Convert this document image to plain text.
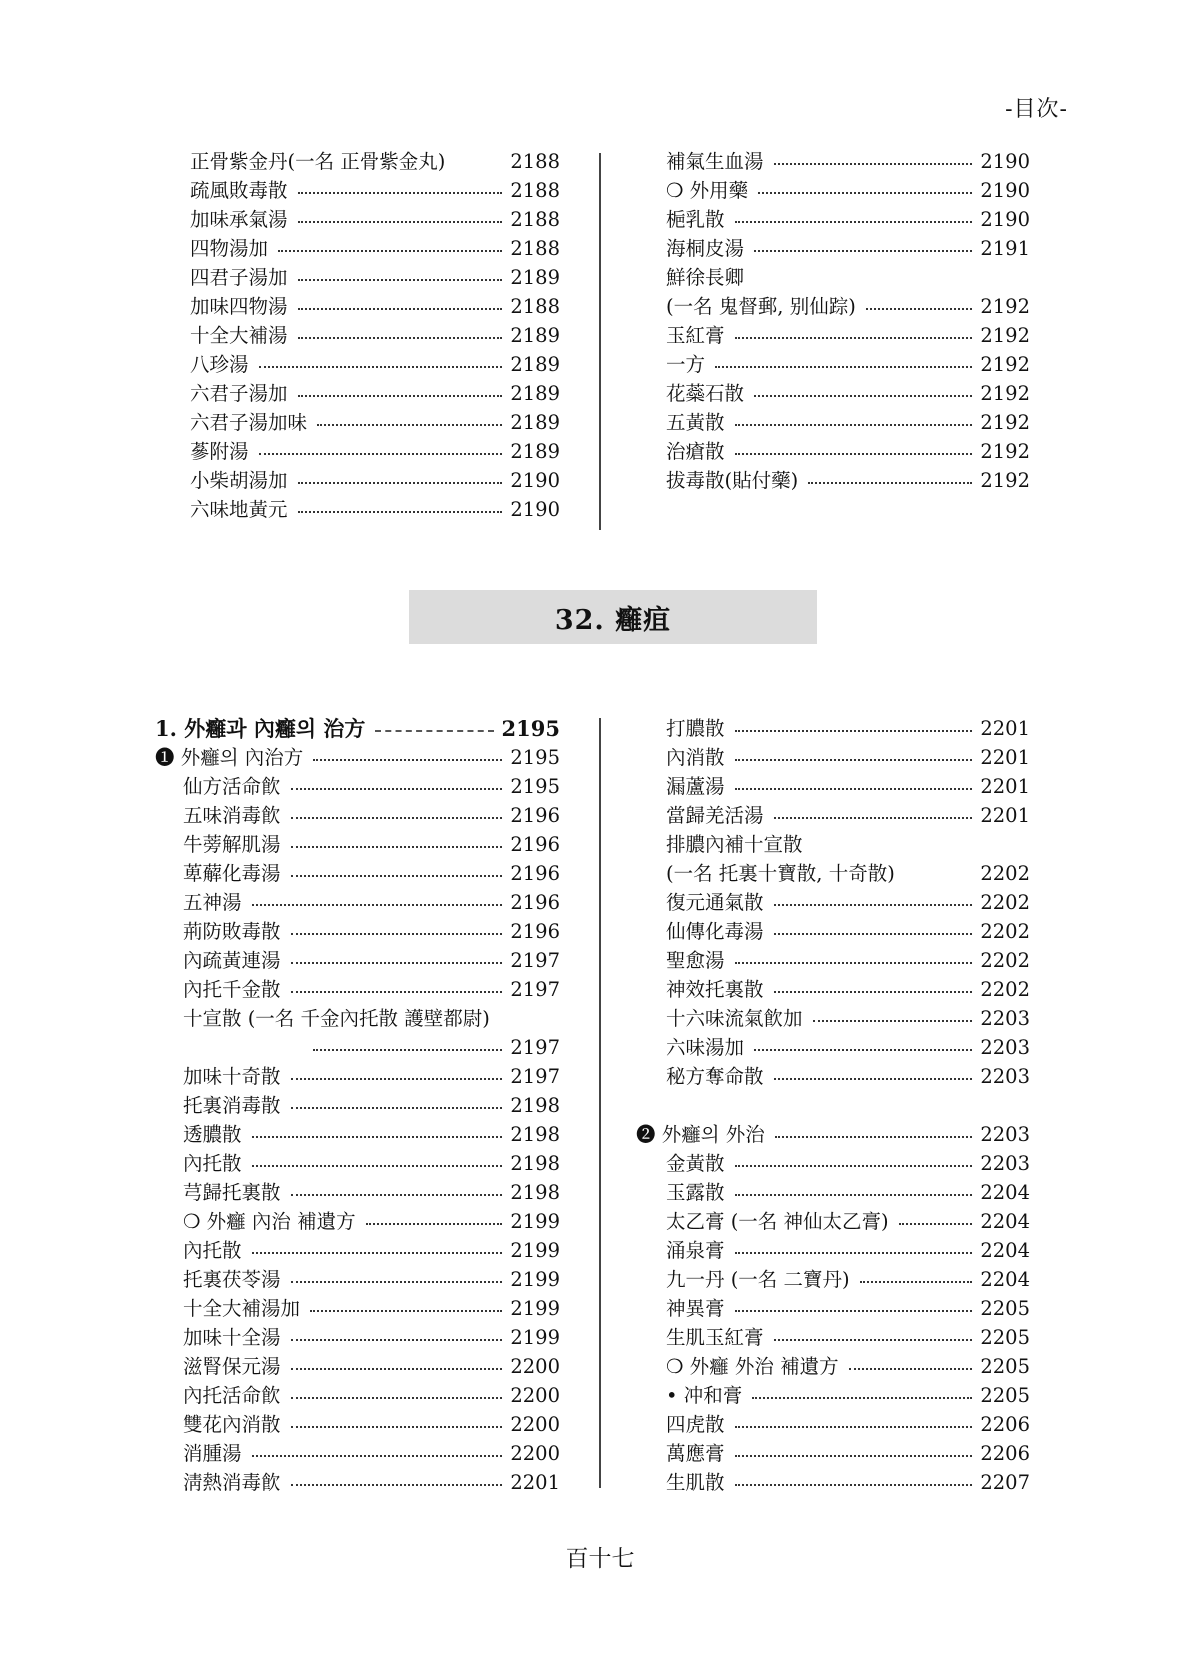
-目次-
正骨紫金丹(一名 正骨紫金丸)	2188
疏風敗毒散	2188
加味承氣湯	2188
四物湯加	2188
四君子湯加	2189
加味四物湯	2188
十全大補湯	2189
八珍湯	2189
六君子湯加	2189
六君子湯加味	2189
蔘附湯	2189
小柴胡湯加	2190
六味地黃元	2190
補氣生血湯	2190
❍ 外用藥	2190
梔乳散	2190
海桐皮湯	2191
鮮徐長卿
(一名 鬼督郵, 别仙踪)	2192
玉紅膏	2192
一方	2192
花蘂石散	2192
五黃散	2192
治瘡散	2192
拔毒散(貼付藥)	2192
32. 癰疽
1. 外癰과 內癰의 治方	2195
❶ 外癰의 內治方	2195
仙方活命飮	2195
五味消毒飮	2196
牛蒡解肌湯	2196
萆薢化毒湯	2196
五神湯	2196
荊防敗毒散	2196
內疏黃連湯	2197
內托千金散	2197
十宣散 (一名 千金內托散 護壁都尉)
2197
加味十奇散	2197
托裏消毒散	2198
透膿散	2198
內托散	2198
芎歸托裏散	2198
❍ 外癰 內治 補遺方	2199
內托散	2199
托裏茯苓湯	2199
十全大補湯加	2199
加味十全湯	2199
滋腎保元湯	2200
內托活命飮	2200
雙花內消散	2200
消腫湯	2200
淸熱消毒飮	2201
打膿散	2201
內消散	2201
漏蘆湯	2201
當歸羌活湯	2201
排膿內補十宣散
(一名 托裏十寶散, 十奇散)	2202
復元通氣散	2202
仙傳化毒湯	2202
聖愈湯	2202
神效托裏散	2202
十六味流氣飮加	2203
六味湯加	2203
秘方奪命散	2203
❷ 外癰의 外治	2203
金黃散	2203
玉露散	2204
太乙膏 (一名 神仙太乙膏)	2204
涌泉膏	2204
九一丹 (一名 二寶丹)	2204
神異膏	2205
生肌玉紅膏	2205
❍ 外癰 外治 補遺方	2205
• 冲和膏	2205
四虎散	2206
萬應膏	2206
生肌散	2207
百十七
